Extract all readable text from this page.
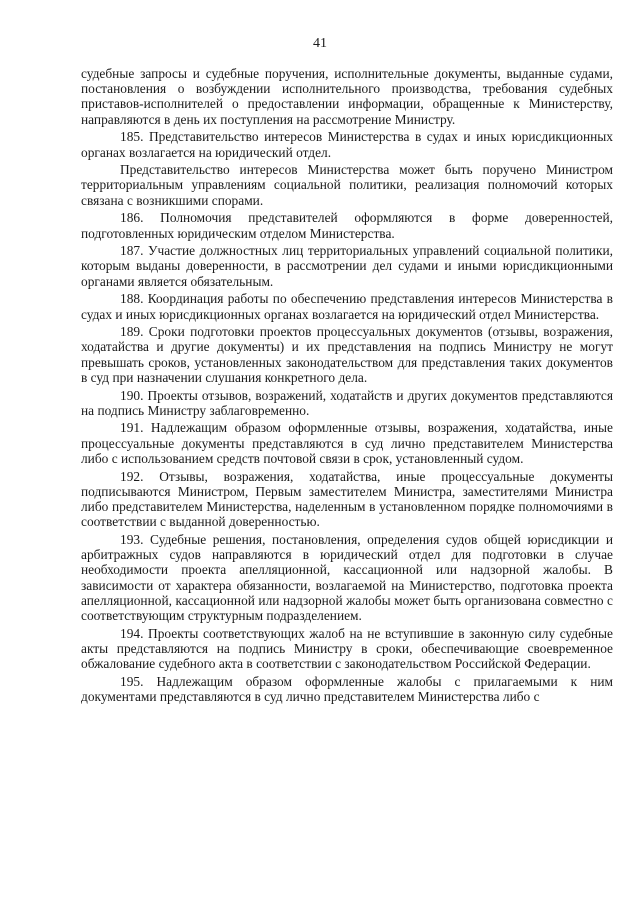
41

судебные запросы и судебные поручения, исполнительные документы, выданные судами, постановления о возбуждении исполнительного производства, требования судебных приставов-исполнителей о предоставлении информации, обращенные к Министерству, направляются в день их поступления на рассмотрение Министру.

185. Представительство интересов Министерства в судах и иных юрисдикционных органах возлагается на юридический отдел.

Представительство интересов Министерства может быть поручено Министром территориальным управлениям социальной политики, реализация полномочий которых связана с возникшими спорами.

186. Полномочия представителей оформляются в форме доверенностей, подготовленных юридическим отделом Министерства.

187. Участие должностных лиц территориальных управлений социальной политики, которым выданы доверенности, в рассмотрении дел судами и иными юрисдикционными органами является обязательным.

188. Координация работы по обеспечению представления интересов Министерства в судах и иных юрисдикционных органах возлагается на юридический отдел Министерства.

189. Сроки подготовки проектов процессуальных документов (отзывы, возражения, ходатайства и другие документы) и их представления на подпись Министру не могут превышать сроков, установленных законодательством для представления таких документов в суд при назначении слушания конкретного дела.

190. Проекты отзывов, возражений, ходатайств и других документов представляются на подпись Министру заблаговременно.

191. Надлежащим образом оформленные отзывы, возражения, ходатайства, иные процессуальные документы представляются в суд лично представителем Министерства либо с использованием средств почтовой связи в срок, установленный судом.

192. Отзывы, возражения, ходатайства, иные процессуальные документы подписываются Министром, Первым заместителем Министра, заместителями Министра либо представителем Министерства, наделенным в установленном порядке полномочиями в соответствии с выданной доверенностью.

193. Судебные решения, постановления, определения судов общей юрисдикции и арбитражных судов направляются в юридический отдел для подготовки в случае необходимости проекта апелляционной, кассационной или надзорной жалобы. В зависимости от характера обязанности, возлагаемой на Министерство, подготовка проекта апелляционной, кассационной или надзорной жалобы может быть организована совместно с соответствующим структурным подразделением.

194. Проекты соответствующих жалоб на не вступившие в законную силу судебные акты представляются на подпись Министру в сроки, обеспечивающие своевременное обжалование судебного акта в соответствии с законодательством Российской Федерации.

195. Надлежащим образом оформленные жалобы с прилагаемыми к ним документами представляются в суд лично представителем Министерства либо с
